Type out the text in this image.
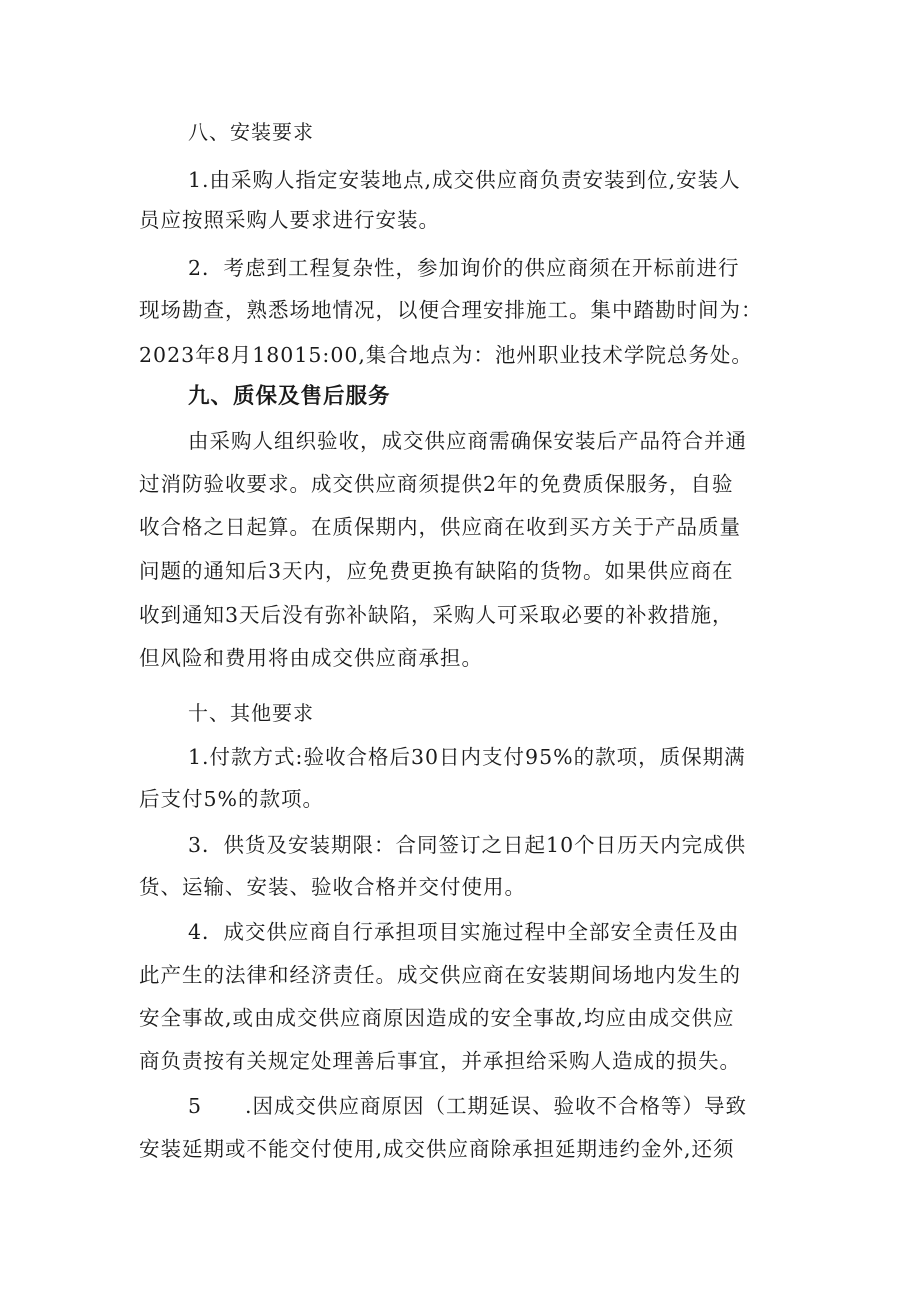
八、安装要求
1.由采购人指定安装地点,成交供应商负责安装到位,安装人
员应按照采购人要求进行安装。
2．考虑到工程复杂性，参加询价的供应商须在开标前进行
现场勘查，熟悉场地情况，以便合理安排施工。集中踏勘时间为：
2023年8月18015:00,集合地点为：池州职业技术学院总务处。
九、质保及售后服务
由采购人组织验收，成交供应商需确保安装后产品符合并通
过消防验收要求。成交供应商须提供2年的免费质保服务，自验
收合格之日起算。在质保期内，供应商在收到买方关于产品质量
问题的通知后3天内，应免费更换有缺陷的货物。如果供应商在
收到通知3天后没有弥补缺陷，采购人可采取必要的补救措施，
但风险和费用将由成交供应商承担。
十、其他要求
1.付款方式:验收合格后30日内支付95%的款项，质保期满
后支付5%的款项。
3．供货及安装期限：合同签订之日起10个日历天内完成供
货、运输、安装、验收合格并交付使用。
4．成交供应商自行承担项目实施过程中全部安全责任及由
此产生的法律和经济责任。成交供应商在安装期间场地内发生的
安全事故,或由成交供应商原因造成的安全事故,均应由成交供应
商负责按有关规定处理善后事宜，并承担给采购人造成的损失。
5　　.因成交供应商原因（工期延误、验收不合格等）导致
安装延期或不能交付使用,成交供应商除承担延期违约金外,还须
